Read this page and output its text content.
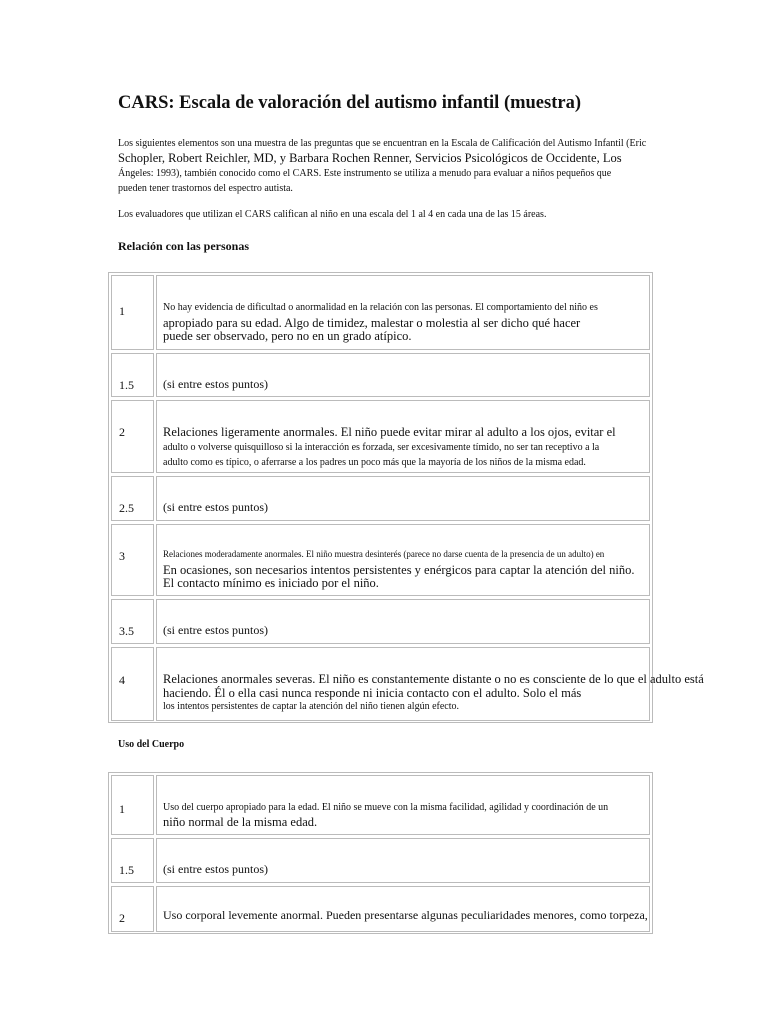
CARS: Escala de valoración del autismo infantil (muestra)
Los siguientes elementos son una muestra de las preguntas que se encuentran en la Escala de Calificación del Autismo Infantil (Eric
Schopler, Robert Reichler, MD, y Barbara Rochen Renner, Servicios Psicológicos de Occidente, Los
Ángeles: 1993), también conocido como el CARS. Este instrumento se utiliza a menudo para evaluar a niños pequeños que
pueden tener trastornos del espectro autista.
Los evaluadores que utilizan el CARS califican al niño en una escala del 1 al 4 en cada una de las 15 áreas.
Relación con las personas
1	No hay evidencia de dificultad o anormalidad en la relación con las personas. El comportamiento del niño es
apropiado para su edad. Algo de timidez, malestar o molestia al ser dicho qué hacer
puede ser observado, pero no en un grado atípico.
1.5 (si entre estos puntos)
2	Relaciones ligeramente anormales. El niño puede evitar mirar al adulto a los ojos, evitar el
adulto o volverse quisquilloso si la interacción es forzada, ser excesivamente tímido, no ser tan receptivo a la
adulto como es típico, o aferrarse a los padres un poco más que la mayoría de los niños de la misma edad.
2.5 (si entre estos puntos)
3	Relaciones moderadamente anormales. El niño muestra desinterés (parece no darse cuenta de la presencia de un adulto) en
En ocasiones, son necesarios intentos persistentes y enérgicos para captar la atención del niño.
El contacto mínimo es iniciado por el niño.
3.5 (si entre estos puntos)
4	Relaciones anormales severas. El niño es constantemente distante o no es consciente de lo que el adulto está
haciendo. Él o ella casi nunca responde ni inicia contacto con el adulto. Solo el más
los intentos persistentes de captar la atención del niño tienen algún efecto.
Uso del Cuerpo
1	Uso del cuerpo apropiado para la edad. El niño se mueve con la misma facilidad, agilidad y coordinación de un
niño normal de la misma edad.
1.5 (si entre estos puntos)
2	Uso corporal levemente anormal. Pueden presentarse algunas peculiaridades menores, como torpeza,
